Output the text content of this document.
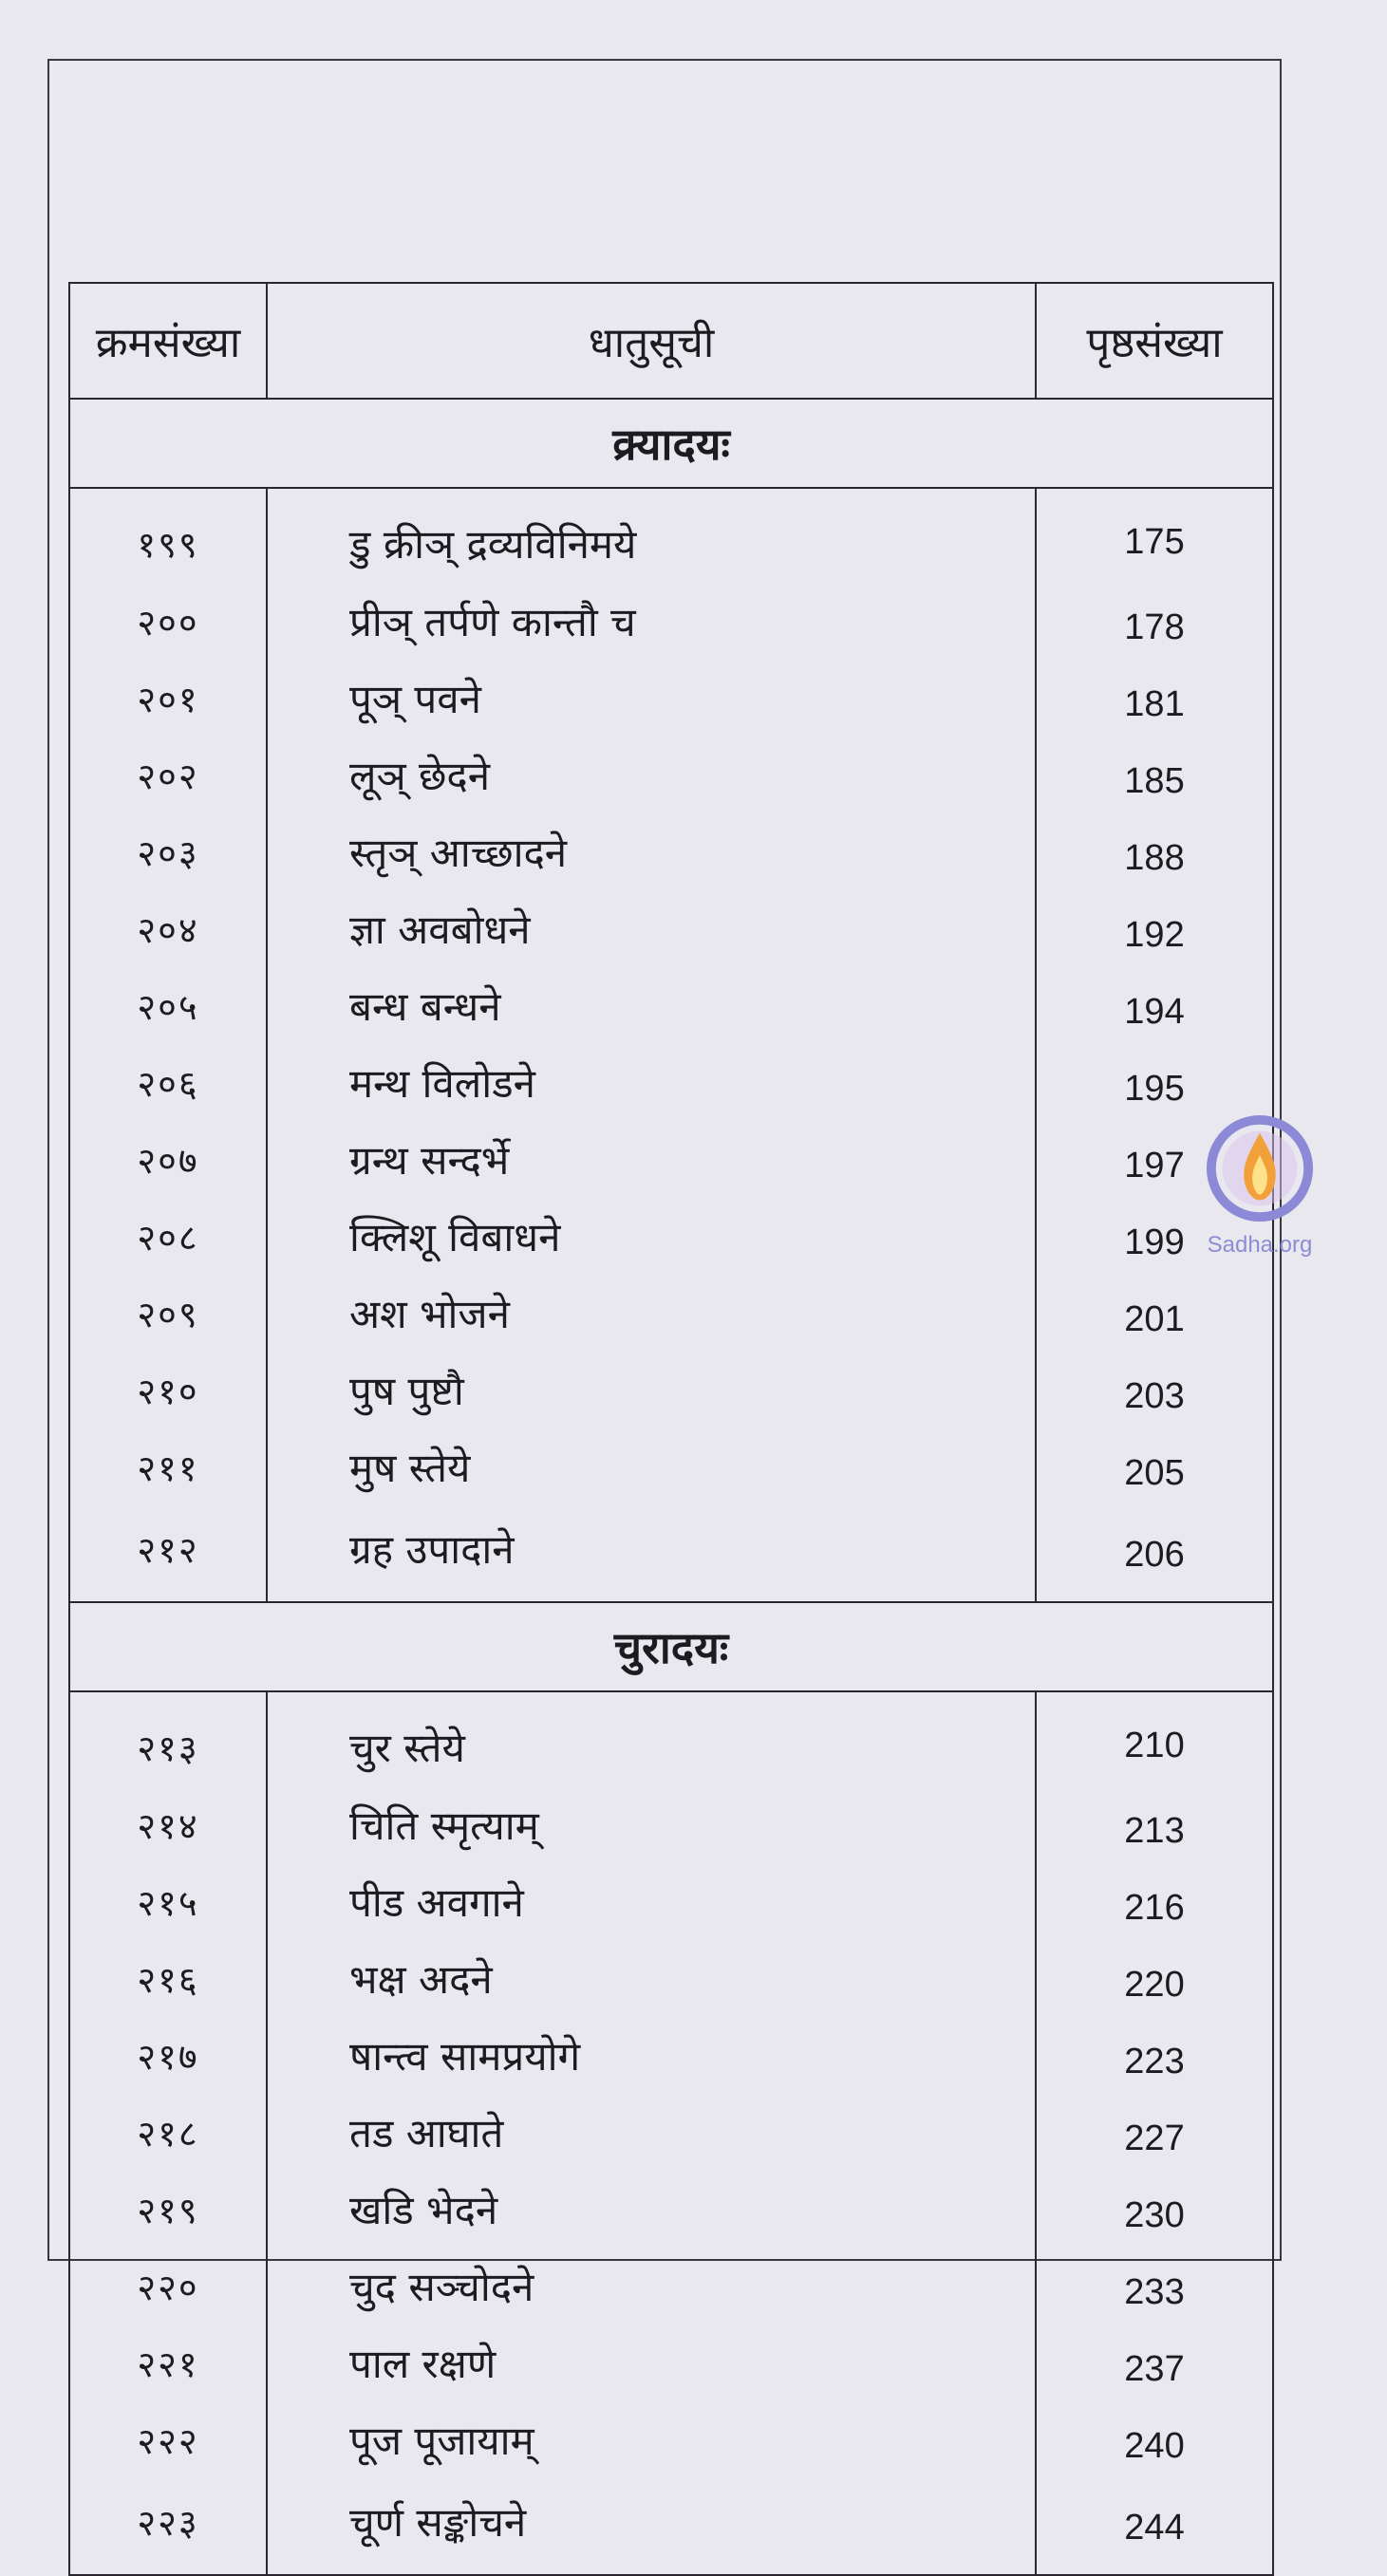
क्रमसंख्या	धातुसूची	पृष्ठसंख्या
क्र्यादयः		
१९९	डु क्रीञ् द्रव्यविनिमये	175
२००	प्रीञ् तर्पणे कान्तौ च	178
२०१	पूञ् पवने	181
२०२	लूञ् छेदने	185
२०३	स्तृञ् आच्छादने	188
२०४	ज्ञा अवबोधने	192
२०५	बन्ध बन्धने	194
२०६	मन्थ विलोडने	195
२०७	ग्रन्थ सन्दर्भे	197
२०८	क्लिशू विबाधने	199
२०९	अश भोजने	201
२१०	पुष पुष्टौ	203
२११	मुष स्तेये	205
२१२	ग्रह उपादाने	206
चुरादयः		
२१३	चुर स्तेये	210
२१४	चिति स्मृत्याम्	213
२१५	पीड अवगाने	216
२१६	भक्ष अदने	220
२१७	षान्त्व सामप्रयोगे	223
२१८	तड आघाते	227
२१९	खडि भेदने	230
२२०	चुद सञ्चोदने	233
२२१	पाल रक्षणे	237
२२२	पूज पूजायाम्	240
२२३	चूर्ण सङ्कोचने	244
Sadha.org
